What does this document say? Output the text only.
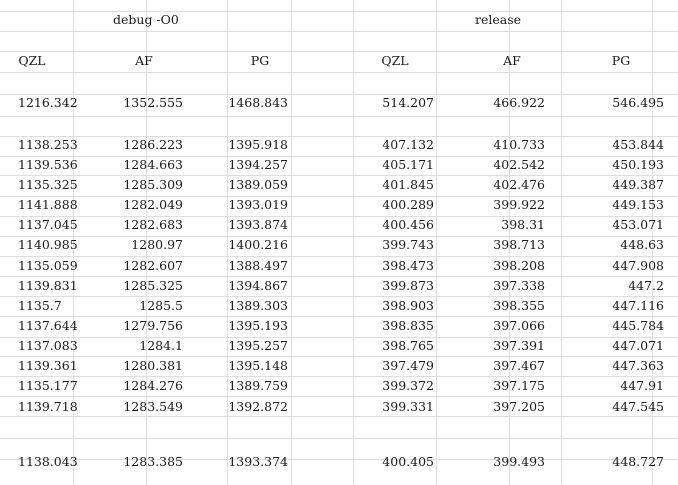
debug -O0	release
QZL	AF	PG	QZL	AF	PG
1216.342	1352.555	1468.843	514.207	466.922	546.495
1138.253	1286.223	1395.918	407.132	410.733	453.844
1139.536	1284.663	1394.257	405.171	402.542	450.193
1135.325	1285.309	1389.059	401.845	402.476	449.387
1141.888	1282.049	1393.019	400.289	399.922	449.153
1137.045	1282.683	1393.874	400.456	398.31	453.071
1140.985	1280.97	1400.216	399.743	398.713	448.63
1135.059	1282.607	1388.497	398.473	398.208	447.908
1139.831	1285.325	1394.867	399.873	397.338	447.2
1135.7	1285.5	1389.303	398.903	398.355	447.116
1137.644	1279.756	1395.193	398.835	397.066	445.784
1137.083	1284.1	1395.257	398.765	397.391	447.071
1139.361	1280.381	1395.148	397.479	397.467	447.363
1135.177	1284.276	1389.759	399.372	397.175	447.91
1139.718	1283.549	1392.872	399.331	397.205	447.545
1138.043	1283.385	1393.374	400.405	399.493	448.727
